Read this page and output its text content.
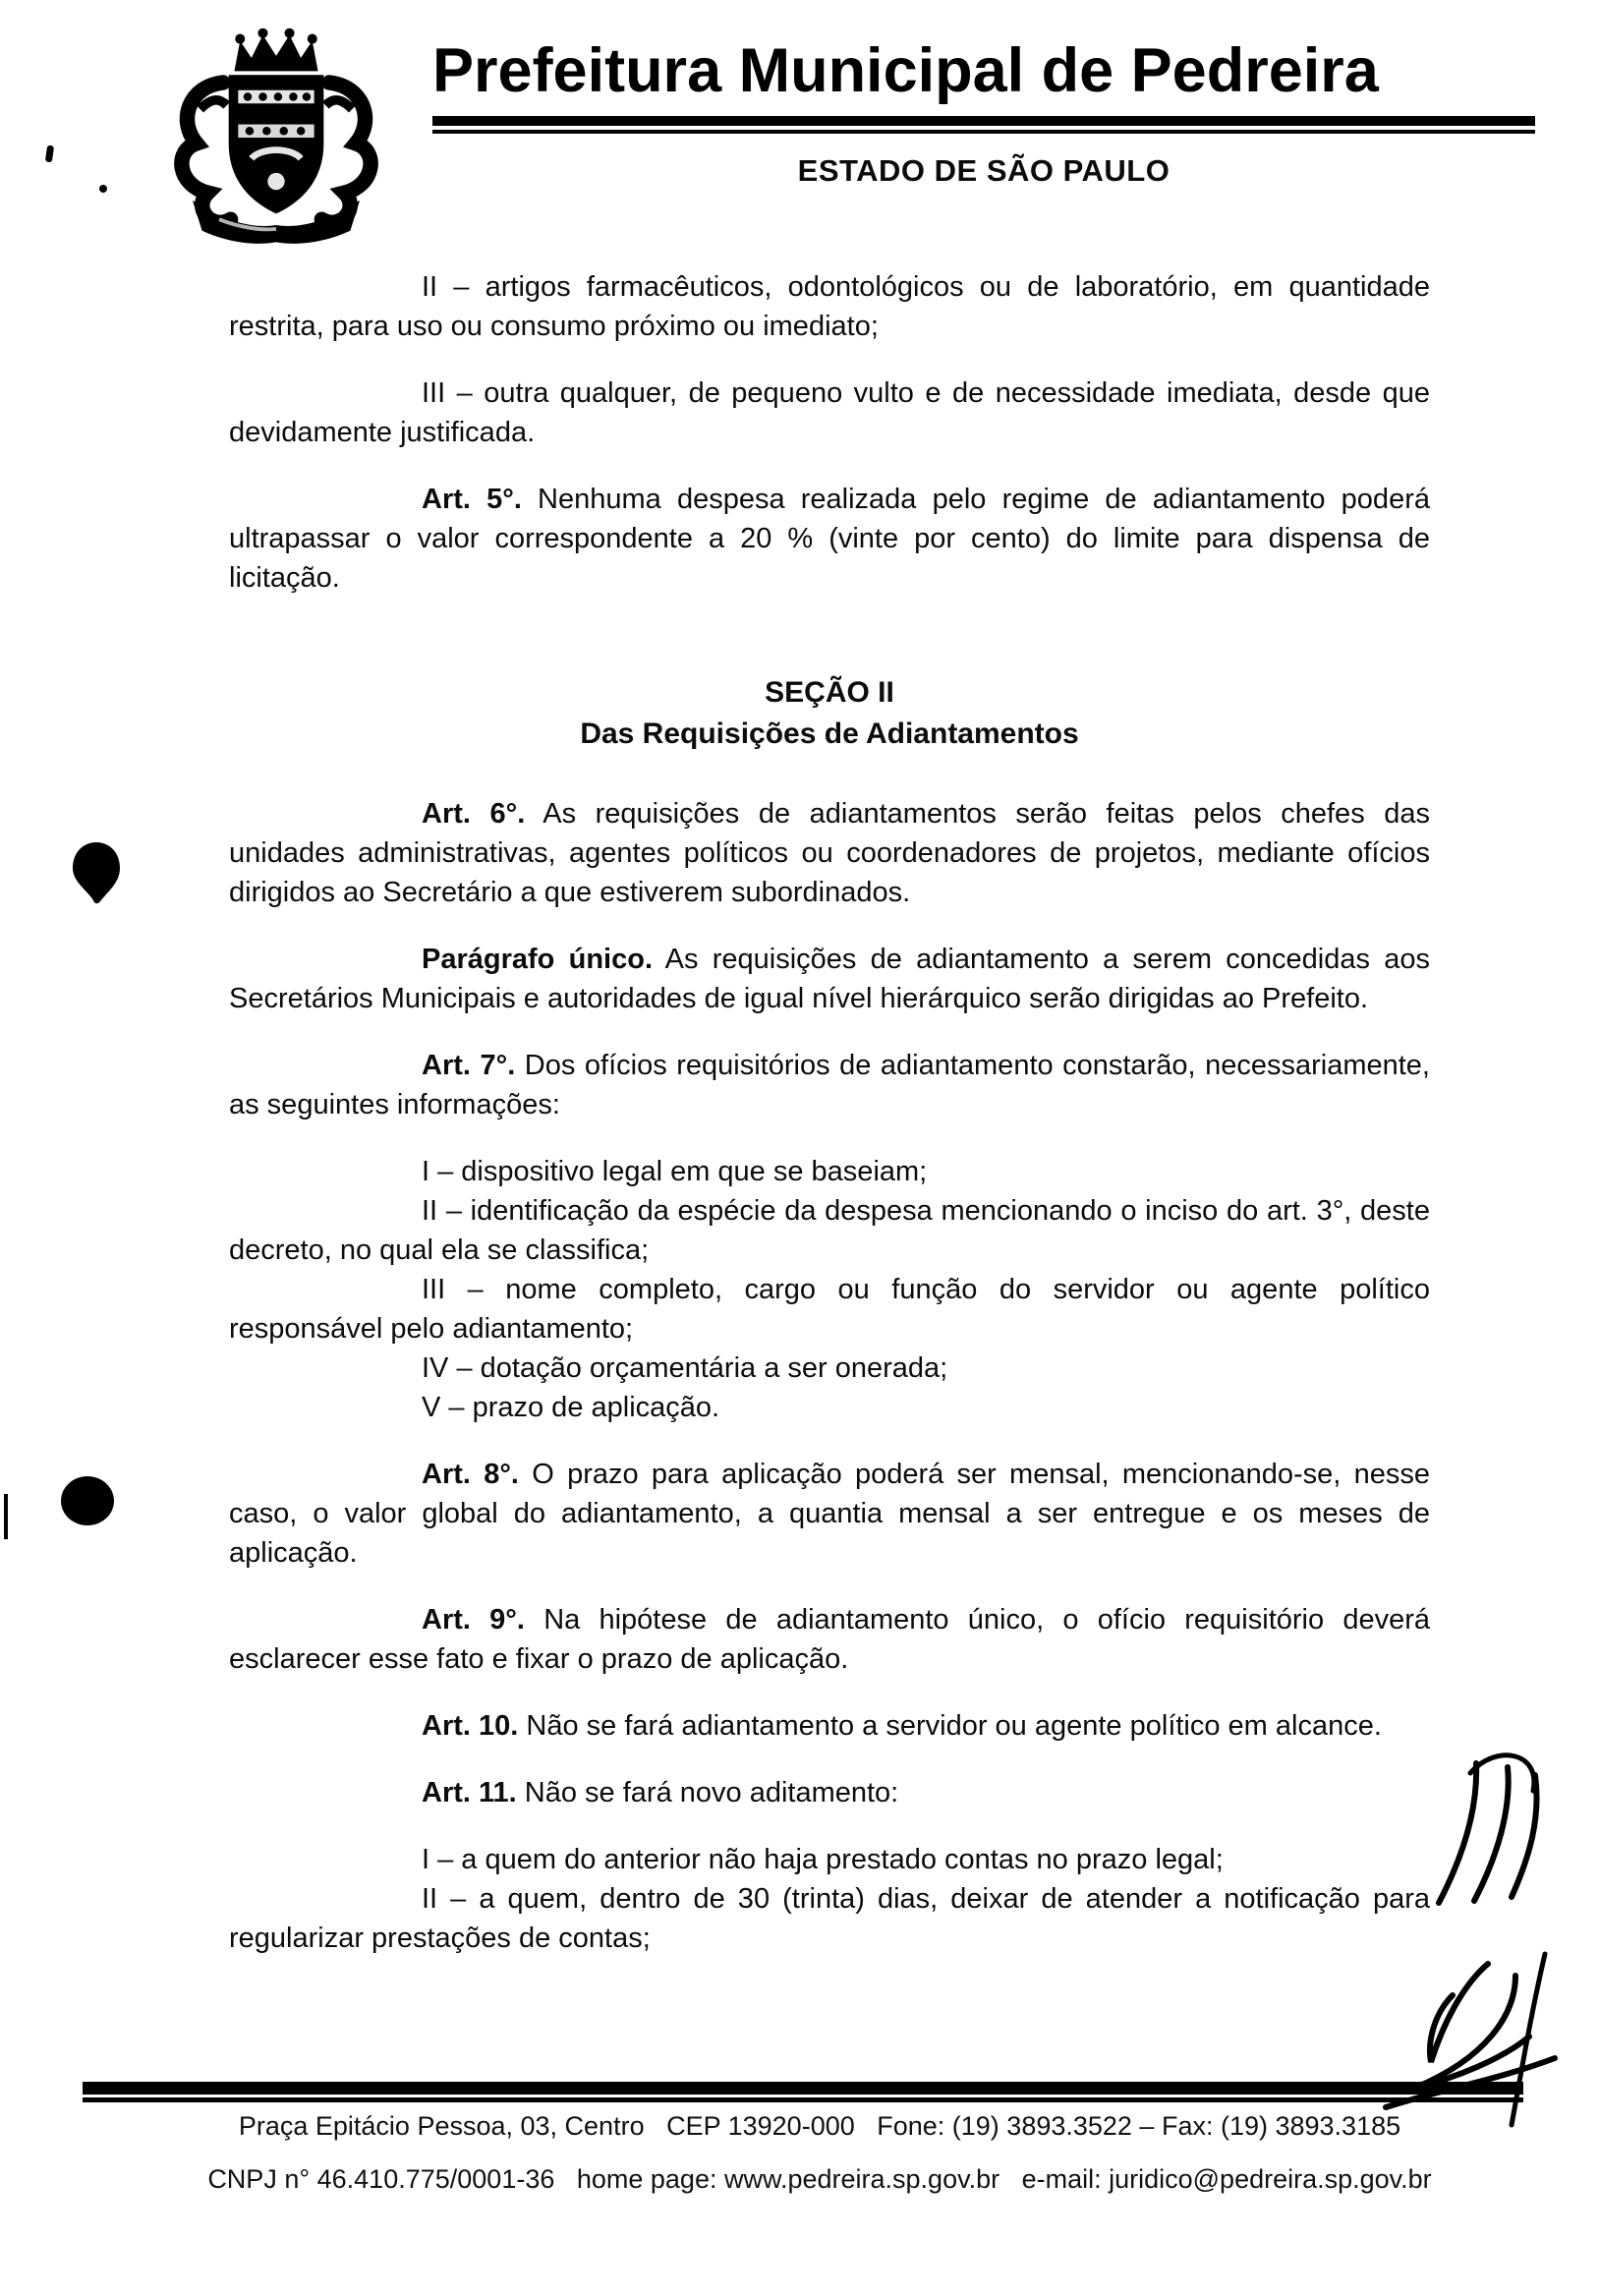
Prefeitura Municipal de Pedreira
ESTADO DE SÃO PAULO

II – artigos farmacêuticos, odontológicos ou de laboratório, em quantidade restrita, para uso ou consumo próximo ou imediato;

III – outra qualquer, de pequeno vulto e de necessidade imediata, desde que devidamente justificada.

Art. 5°. Nenhuma despesa realizada pelo regime de adiantamento poderá ultrapassar o valor correspondente a 20 % (vinte por cento) do limite para dispensa de licitação.

SEÇÃO II
Das Requisições de Adiantamentos

Art. 6°. As requisições de adiantamentos serão feitas pelos chefes das unidades administrativas, agentes políticos ou coordenadores de projetos, mediante ofícios dirigidos ao Secretário a que estiverem subordinados.

Parágrafo único. As requisições de adiantamento a serem concedidas aos Secretários Municipais e autoridades de igual nível hierárquico serão dirigidas ao Prefeito.

Art. 7°. Dos ofícios requisitórios de adiantamento constarão, necessariamente, as seguintes informações:

I – dispositivo legal em que se baseiam;
II – identificação da espécie da despesa mencionando o inciso do art. 3°, deste decreto, no qual ela se classifica;
III – nome completo, cargo ou função do servidor ou agente político responsável pelo adiantamento;
IV – dotação orçamentária a ser onerada;
V – prazo de aplicação.

Art. 8°. O prazo para aplicação poderá ser mensal, mencionando-se, nesse caso, o valor global do adiantamento, a quantia mensal a ser entregue e os meses de aplicação.

Art. 9°. Na hipótese de adiantamento único, o ofício requisitório deverá esclarecer esse fato e fixar o prazo de aplicação.

Art. 10. Não se fará adiantamento a servidor ou agente político em alcance.

Art. 11. Não se fará novo aditamento:

I – a quem do anterior não haja prestado contas no prazo legal;
II – a quem, dentro de 30 (trinta) dias, deixar de atender a notificação para regularizar prestações de contas;
Praça Epitácio Pessoa, 03, Centro   CEP 13920-000   Fone: (19) 3893.3522 – Fax: (19) 3893.3185
CNPJ n° 46.410.775/0001-36   home page: www.pedreira.sp.gov.br   e-mail: juridico@pedreira.sp.gov.br
